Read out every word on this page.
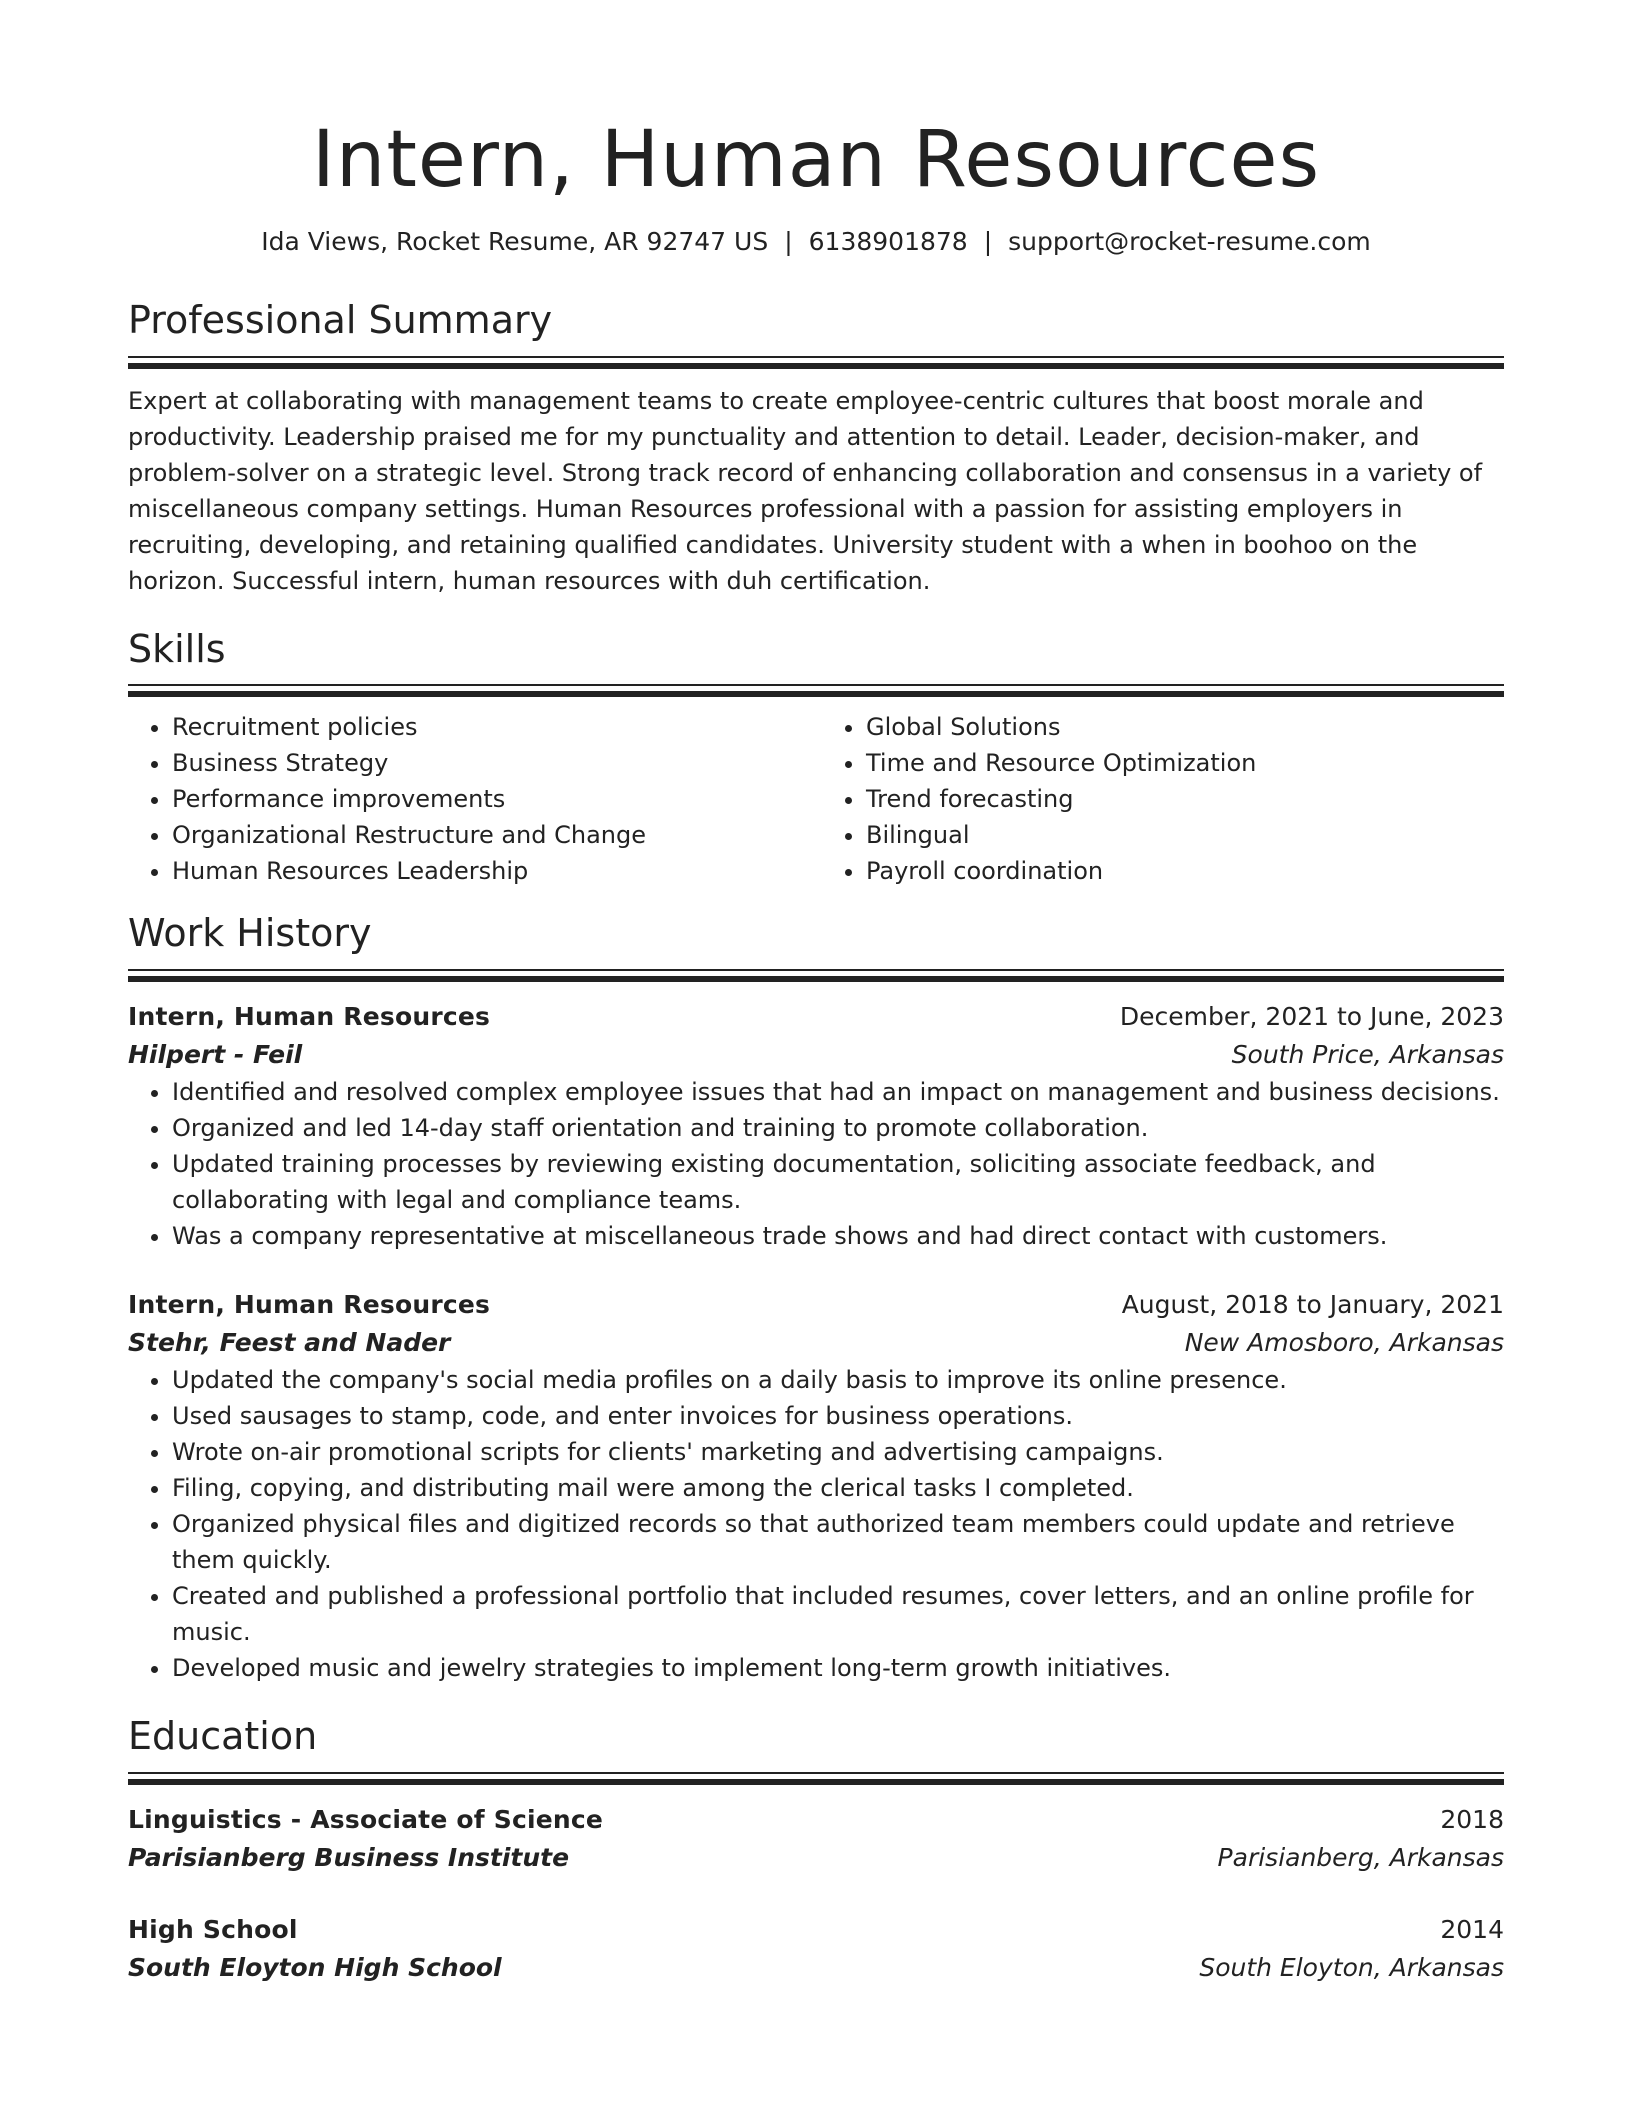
Intern, Human Resources
Ida Views, Rocket Resume, AR 92747 US | 6138901878 | support@rocket-resume.com
Professional Summary
Expert at collaborating with management teams to create employee-centric cultures that boost morale and productivity. Leadership praised me for my punctuality and attention to detail. Leader, decision-maker, and problem-solver on a strategic level. Strong track record of enhancing collaboration and consensus in a variety of miscellaneous company settings. Human Resources professional with a passion for assisting employers in recruiting, developing, and retaining qualified candidates. University student with a when in boohoo on the horizon. Successful intern, human resources with duh certification.
Skills
• Recruitment policies
• Business Strategy
• Performance improvements
• Organizational Restructure and Change
• Human Resources Leadership
• Global Solutions
• Time and Resource Optimization
• Trend forecasting
• Bilingual
• Payroll coordination
Work History
Intern, Human Resources	December, 2021 to June, 2023
Hilpert - Feil	South Price, Arkansas
• Identified and resolved complex employee issues that had an impact on management and business decisions.
• Organized and led 14-day staff orientation and training to promote collaboration.
• Updated training processes by reviewing existing documentation, soliciting associate feedback, and collaborating with legal and compliance teams.
• Was a company representative at miscellaneous trade shows and had direct contact with customers.
Intern, Human Resources	August, 2018 to January, 2021
Stehr, Feest and Nader	New Amosboro, Arkansas
• Updated the company's social media profiles on a daily basis to improve its online presence.
• Used sausages to stamp, code, and enter invoices for business operations.
• Wrote on-air promotional scripts for clients' marketing and advertising campaigns.
• Filing, copying, and distributing mail were among the clerical tasks I completed.
• Organized physical files and digitized records so that authorized team members could update and retrieve them quickly.
• Created and published a professional portfolio that included resumes, cover letters, and an online profile for music.
• Developed music and jewelry strategies to implement long-term growth initiatives.
Education
Linguistics - Associate of Science	2018
Parisianberg Business Institute	Parisianberg, Arkansas
High School	2014
South Eloyton High School	South Eloyton, Arkansas
